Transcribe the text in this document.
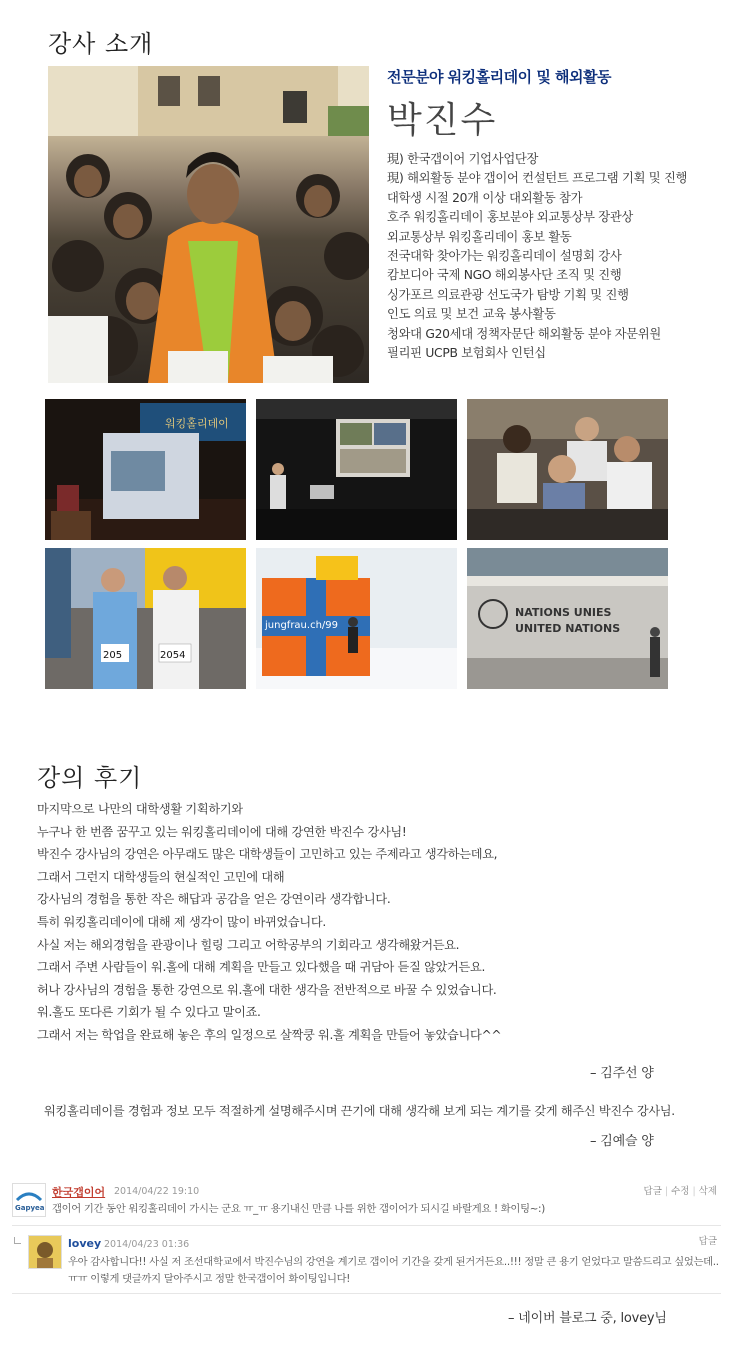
강사 소개
전문분야 워킹홀리데이 및 해외활동
박진수
現) 한국갭이어 기업사업단장
現) 해외활동 분야 갭이어 컨설턴트 프로그램 기획 및 진행
대학생 시절 20개 이상 대외활동 참가
호주 워킹홀리데이 홍보분야 외교통상부 장관상
외교통상부 워킹홀리데이 홍보 활동
전국대학 찾아가는 워킹홀리데이 설명회 강사
캄보디아 국제 NGO 해외봉사단 조직 및 진행
싱가포르 의료관광 선도국가 탐방 기획 및 진행
인도 의료 및 보건 교육 봉사활동
청와대 G20세대 정책자문단 해외활동 분야 자문위원
필리핀 UCPB 보험회사 인턴십
워킹홀리데이
205	2054
jungfrau.ch/99
NATIONS UNIES
UNITED NATIONS
강의 후기
마지막으로 나만의 대학생활 기획하기와
누구나 한 번쯤 꿈꾸고 있는 워킹홀리데이에 대해 강연한 박진수 강사님!
박진수 강사님의 강연은 아무래도 많은 대학생들이 고민하고 있는 주제라고 생각하는데요,
그래서 그런지 대학생들의 현실적인 고민에 대해
강사님의 경험을 통한 작은 해답과 공감을 얻은 강연이라 생각합니다.
특히 워킹홀리데이에 대해 제 생각이 많이 바뀌었습니다.
사실 저는 해외경험을 관광이나 힐링 그리고 어학공부의 기회라고 생각해왔거든요.
그래서 주변 사람들이 워.홀에 대해 계획을 만들고 있다했을 때 귀담아 듣질 않았거든요.
허나 강사님의 경험을 통한 강연으로 워.홀에 대한 생각을 전반적으로 바꿀 수 있었습니다.
워.홀도 또다른 기회가 될 수 있다고 말이죠.
그래서 저는 학업을 완료해 놓은 후의 일정으로 살짝쿵 워.홀 계획을 만들어 놓았습니다^^
– 김주선 양
워킹홀리데이를 경험과 정보 모두 적절하게 설명해주시며 끈기에 대해 생각해 보게 되는 계기를 갖게 해주신 박진수 강사님.
– 김예슬 양
Gapyear
한국갭이어 2014/04/22 19:10	답글 | 수정 | 삭제
갭이어 기간 동안 워킹홀리데이 가시는 군요 ㅠ_ㅠ 용기내신 만큼 나를 위한 갭이어가 되시길 바랄게요 ! 화이팅~:)
lovey 2014/04/23 01:36	답글
우아 감사합니다!! 사실 저 조선대학교에서 박진수님의 강연을 계기로 갭이어 기간을 갖게 된거거든요..!!! 정말 큰 용기 얻었다고 말씀드리고 싶었는데..
ㅠㅠ 이렇게 댓글까지 달아주시고 정말 한국갭이어 화이팅입니다!
– 네이버 블로그 중, lovey님
